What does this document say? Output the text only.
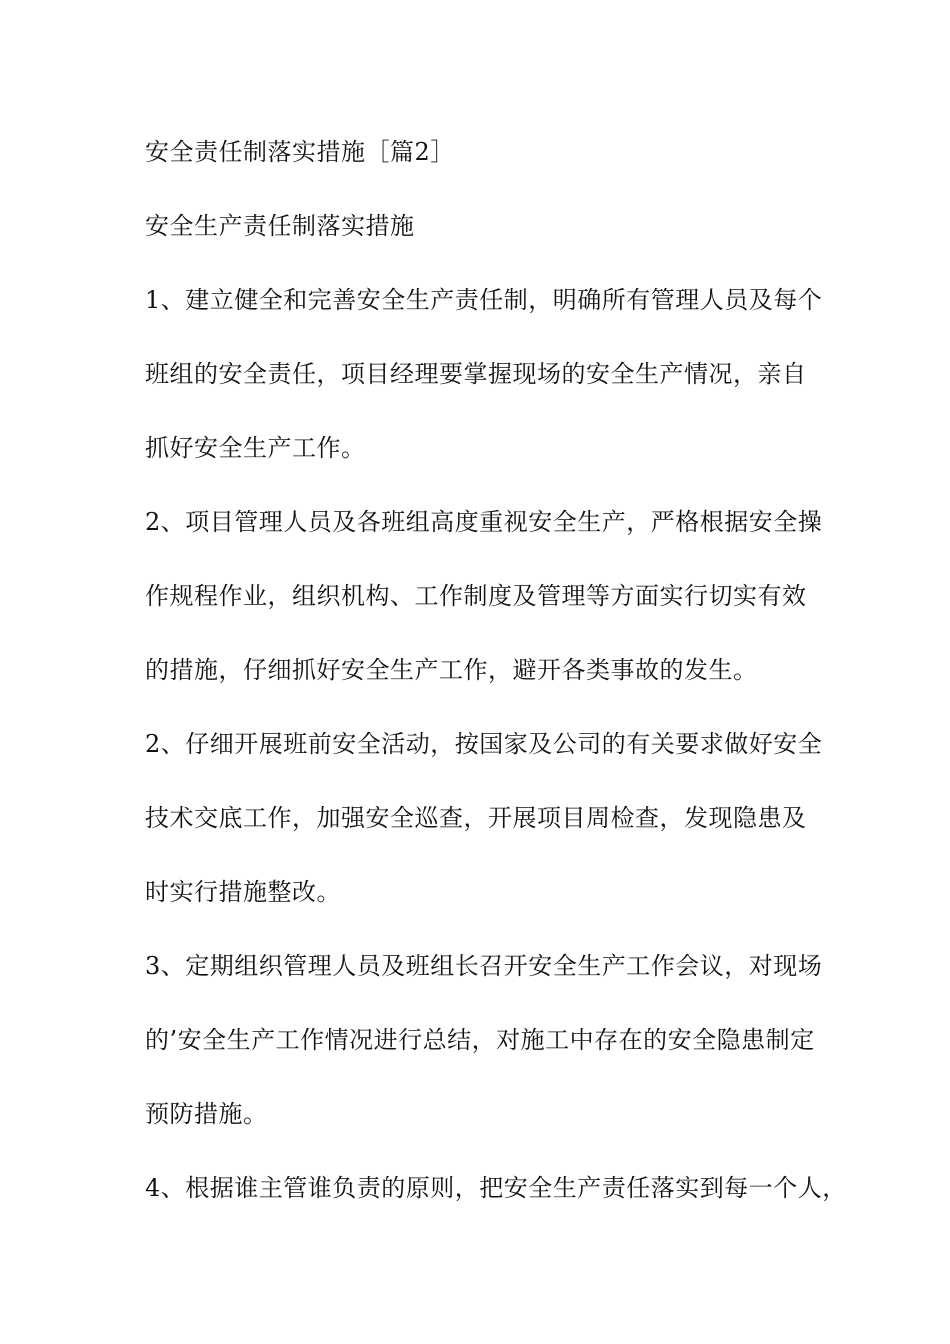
安全责任制落实措施［篇2］
安全生产责任制落实措施
1、建立健全和完善安全生产责任制，明确所有管理人员及每个
班组的安全责任，项目经理要掌握现场的安全生产情况，亲自
抓好安全生产工作。
2、项目管理人员及各班组高度重视安全生产，严格根据安全操
作规程作业，组织机构、工作制度及管理等方面实行切实有效
的措施，仔细抓好安全生产工作，避开各类事故的发生。
2、仔细开展班前安全活动，按国家及公司的有关要求做好安全
技术交底工作，加强安全巡查，开展项目周检查，发现隐患及
时实行措施整改。
3、定期组织管理人员及班组长召开安全生产工作会议，对现场
的’安全生产工作情况进行总结，对施工中存在的安全隐患制定
预防措施。
4、根据谁主管谁负责的原则，把安全生产责任落实到每一个人，
